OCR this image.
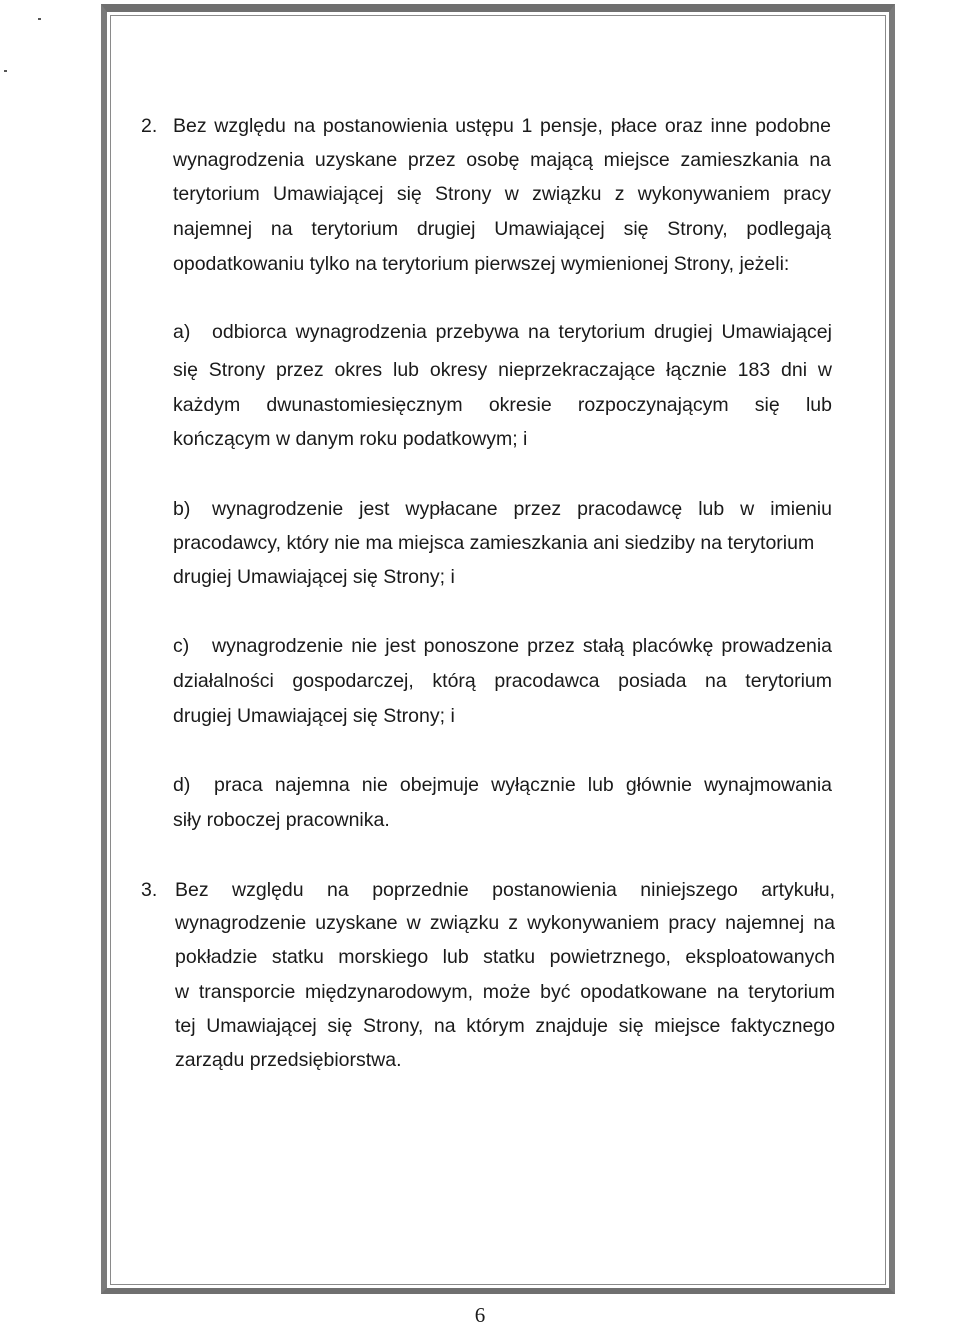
2. Bez względu na postanowienia ustępu 1 pensje, płace oraz inne podobne
wynagrodzenia uzyskane przez osobę mającą miejsce zamieszkania na
terytorium Umawiającej się Strony w związku z wykonywaniem pracy
najemnej na terytorium drugiej Umawiającej się Strony, podlegają
opodatkowaniu tylko na terytorium pierwszej wymienionej Strony, jeżeli:
a) odbiorca wynagrodzenia przebywa na terytorium drugiej Umawiającej
się Strony przez okres lub okresy nieprzekraczające łącznie 183 dni w
każdym dwunastomiesięcznym okresie rozpoczynającym się lub
kończącym w danym roku podatkowym; i
b) wynagrodzenie jest wypłacane przez pracodawcę lub w imieniu
pracodawcy, który nie ma miejsca zamieszkania ani siedziby na terytorium
drugiej Umawiającej się Strony; i
c) wynagrodzenie nie jest ponoszone przez stałą placówkę prowadzenia
działalności gospodarczej, którą pracodawca posiada na terytorium
drugiej Umawiającej się Strony; i
d) praca najemna nie obejmuje wyłącznie lub głównie wynajmowania
siły roboczej pracownika.
3. Bez względu na poprzednie postanowienia niniejszego artykułu,
wynagrodzenie uzyskane w związku z wykonywaniem pracy najemnej na
pokładzie statku morskiego lub statku powietrznego, eksploatowanych
w transporcie międzynarodowym, może być opodatkowane na terytorium
tej Umawiającej się Strony, na którym znajduje się miejsce faktycznego
zarządu przedsiębiorstwa.
6
